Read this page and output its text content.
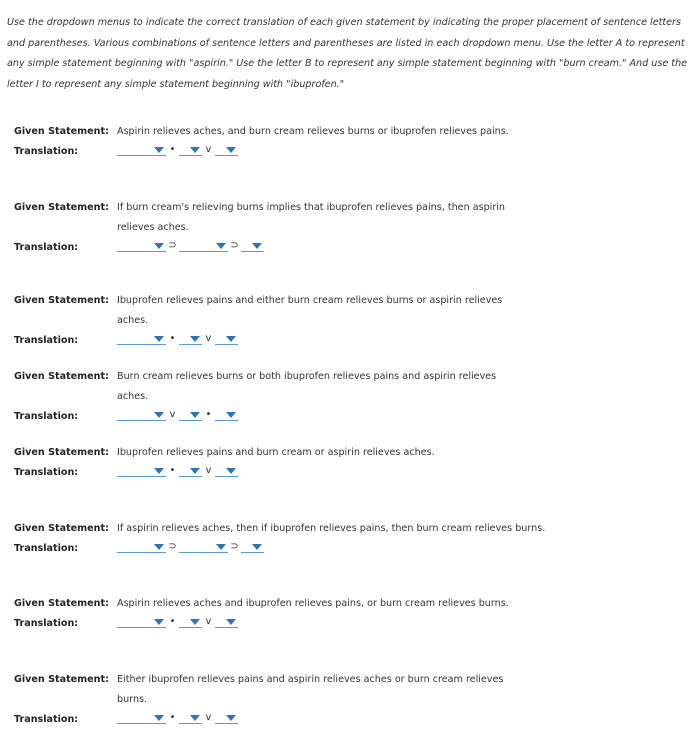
Use the dropdown menus to indicate the correct translation of each given statement by indicating the proper placement of sentence letters and parentheses. Various combinations of sentence letters and parentheses are listed in each dropdown menu. Use the letter A to represent any simple statement beginning with "aspirin." Use the letter B to represent any simple statement beginning with "burn cream." And use the letter I to represent any simple statement beginning with "ibuprofen."

Given Statement: Aspirin relieves aches, and burn cream relieves burns or ibuprofen relieves pains.
Translation:	•	v
Given Statement: If burn cream's relieving burns implies that ibuprofen relieves pains, then aspirin relieves aches.
Translation:	⊃	⊃
Given Statement: Ibuprofen relieves pains and either burn cream relieves burns or aspirin relieves aches.
Translation:	•	v
Given Statement: Burn cream relieves burns or both ibuprofen relieves pains and aspirin relieves aches.
Translation:	v	•
Given Statement: Ibuprofen relieves pains and burn cream or aspirin relieves aches.
Translation:	•	v
Given Statement: If aspirin relieves aches, then if ibuprofen relieves pains, then burn cream relieves burns.
Translation:	⊃	⊃
Given Statement: Aspirin relieves aches and ibuprofen relieves pains, or burn cream relieves burns.
Translation:	•	v
Given Statement: Either ibuprofen relieves pains and aspirin relieves aches or burn cream relieves burns.
Translation:	•	v
